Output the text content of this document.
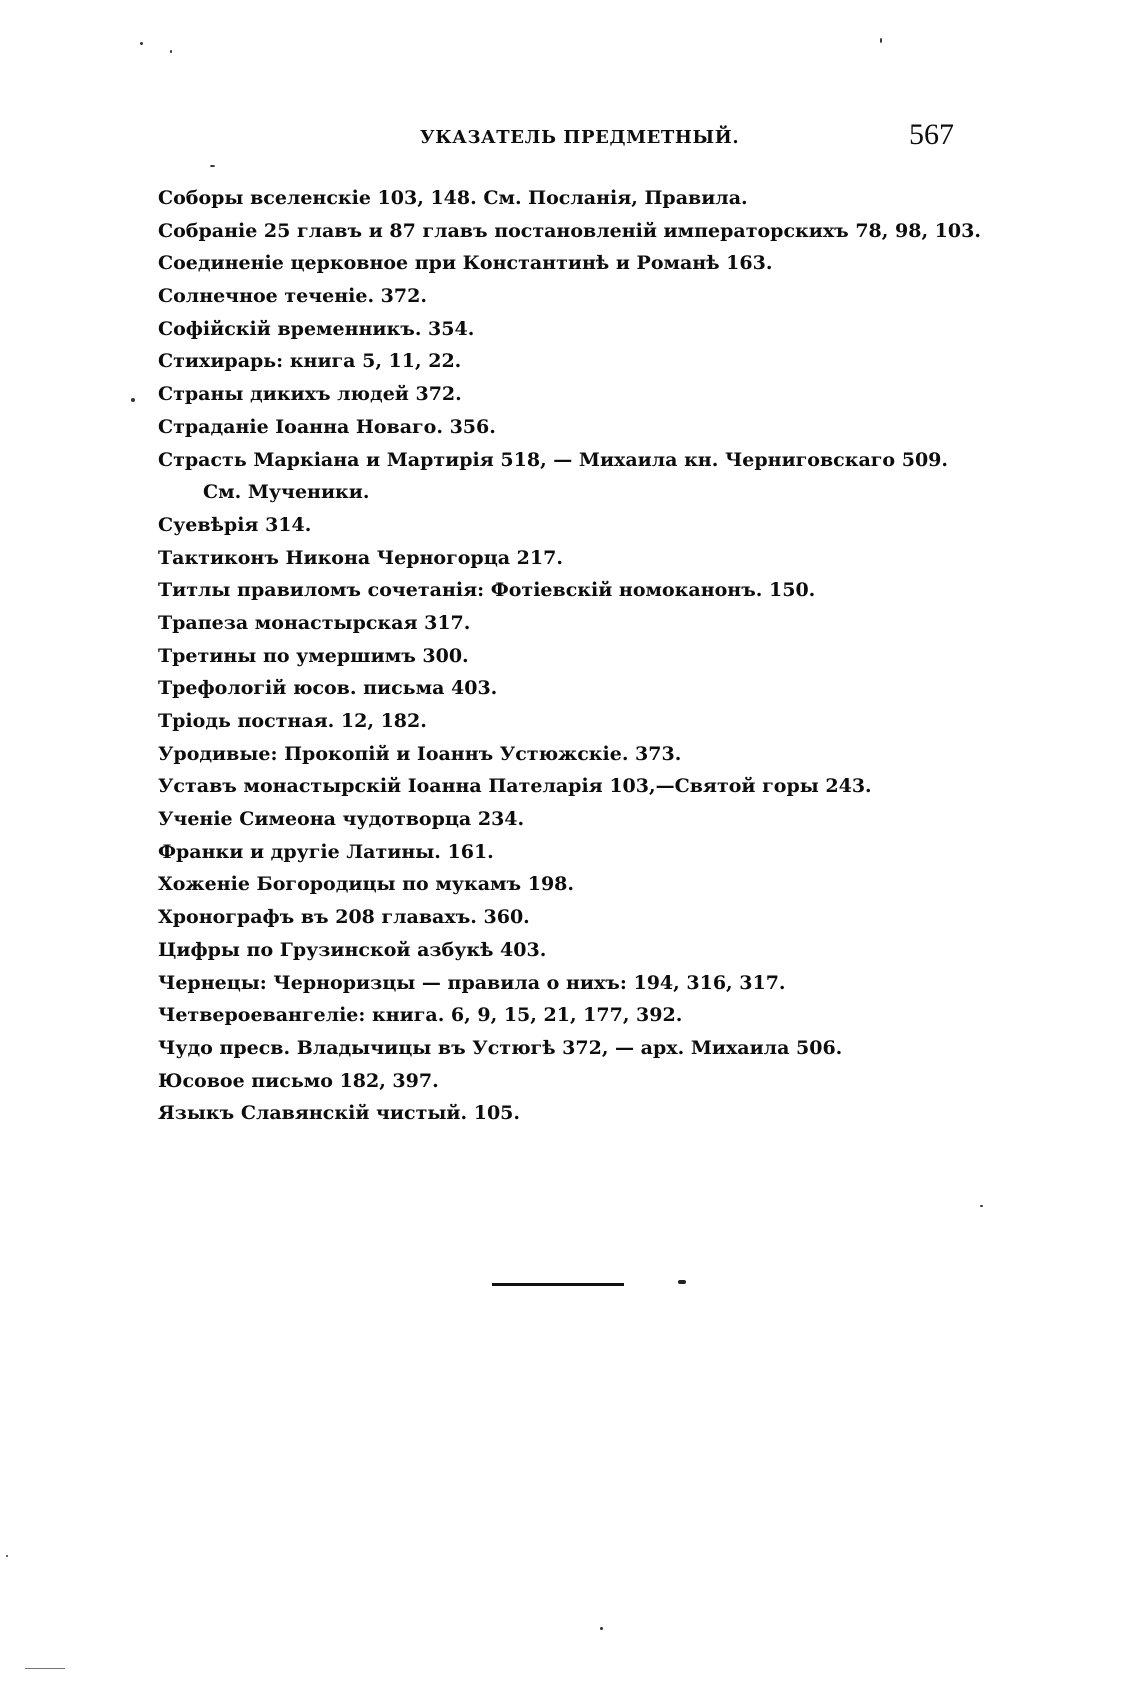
УКАЗАТЕЛЬ ПРЕДМЕТНЫЙ.	567
Соборы вселенскіе 103, 148. См. Посланія, Правила.
Собраніе 25 главъ и 87 главъ постановленій императорскихъ 78, 98, 103.
Соединеніе церковное при Константинѣ и Романѣ 163.
Солнечное теченіе. 372.
Софійскій временникъ. 354.
Стихирарь: книга 5, 11, 22.
Страны дикихъ людей 372.
Страданіе Іоанна Новаго. 356.
Страсть Маркіана и Мартирія 518, — Михаила кн. Черниговскаго 509.
См. Мученики.
Суевѣрія 314.
Тактиконъ Никона Черногорца 217.
Титлы правиломъ сочетанія: Фотіевскій номоканонъ. 150.
Трапеза монастырская 317.
Третины по умершимъ 300.
Трефологій юсов. письма 403.
Тріодь постная. 12, 182.
Уродивые: Прокопій и Іоаннъ Устюжскіе. 373.
Уставъ монастырскій Іоанна Пателарія 103,—Святой горы 243.
Ученіе Симеона чудотворца 234.
Франки и другіе Латины. 161.
Хоженіе Богородицы по мукамъ 198.
Хронографъ въ 208 главахъ. 360.
Цифры по Грузинской азбукѣ 403.
Чернецы: Черноризцы — правила о нихъ: 194, 316, 317.
Четвероевангеліе: книга. 6, 9, 15, 21, 177, 392.
Чудо пресв. Владычицы въ Устюгѣ 372, — арх. Михаила 506.
Юсовое письмо 182, 397.
Языкъ Славянскій чистый. 105.
